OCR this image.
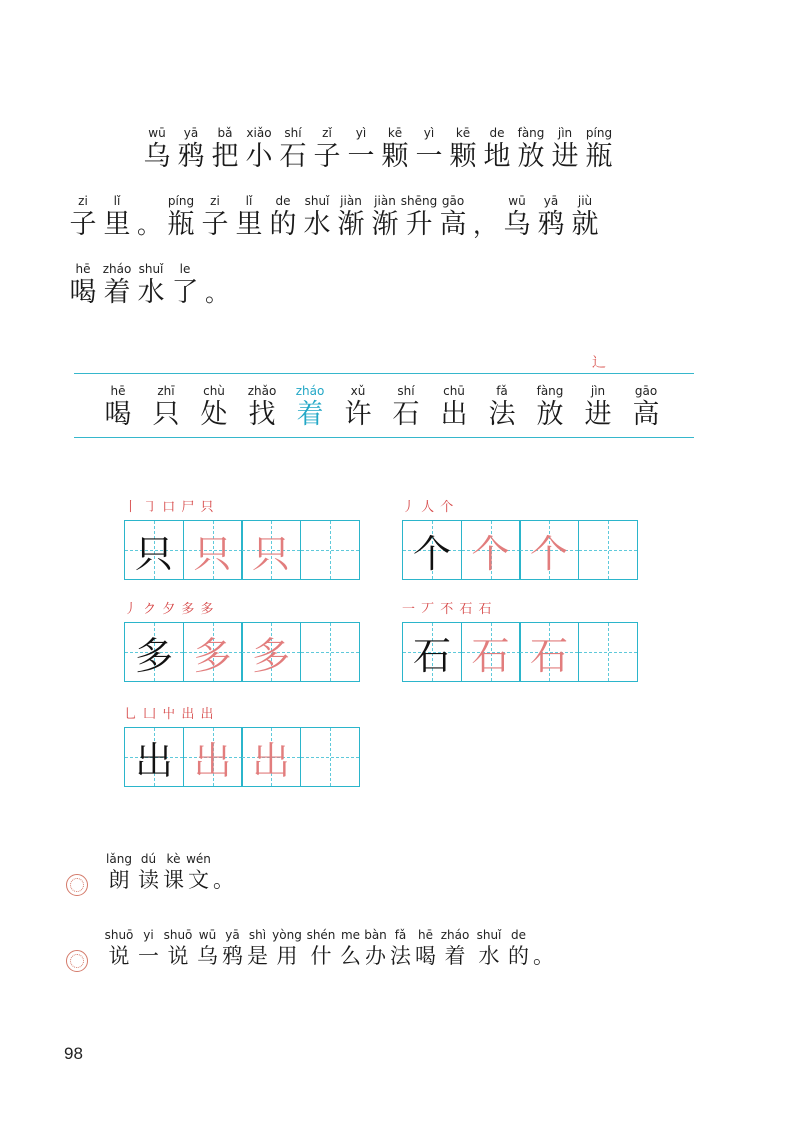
wū
乌
yā
鸦
bǎ
把
xiǎo
小
shí
石
zǐ
子
yì
一
kē
颗
yì
一
kē
颗
de
地
fàng
放
jìn
进
píng
瓶
zi
子
lǐ
里 。
píng
瓶
zi
子
lǐ
里
de
的
shuǐ
水
jiàn
渐
jiàn
渐
shēng
升
gāo
高 ，
wū
乌
yā
鸦
jiù
就
hē
喝
zháo
着
shuǐ
水
le
了 。
辶
hē
喝
zhī
只
chù
处
zhǎo
找
zháo
着
xǔ
许
shí
石
chū
出
fǎ
法
fàng
放
jìn
进
gāo
高
丨 ㇆ 口 尸 只
只 只 只
丿 人 个
个 个 个
丿 ク 夕 多 多
多 多 多
一 丆 不 石 石
石 石 石
乚 凵 屮 出 出
出 出 出
lǎng
朗
dú
读
kè
课
wén
文 。
shuō
说
yi
一
shuō
说
wū
乌
yā
鸦
shì
是
yòng
用
shén
什
me
么
bàn
办
fǎ
法
hē
喝
zháo
着
shuǐ
水
de
的 。
98
